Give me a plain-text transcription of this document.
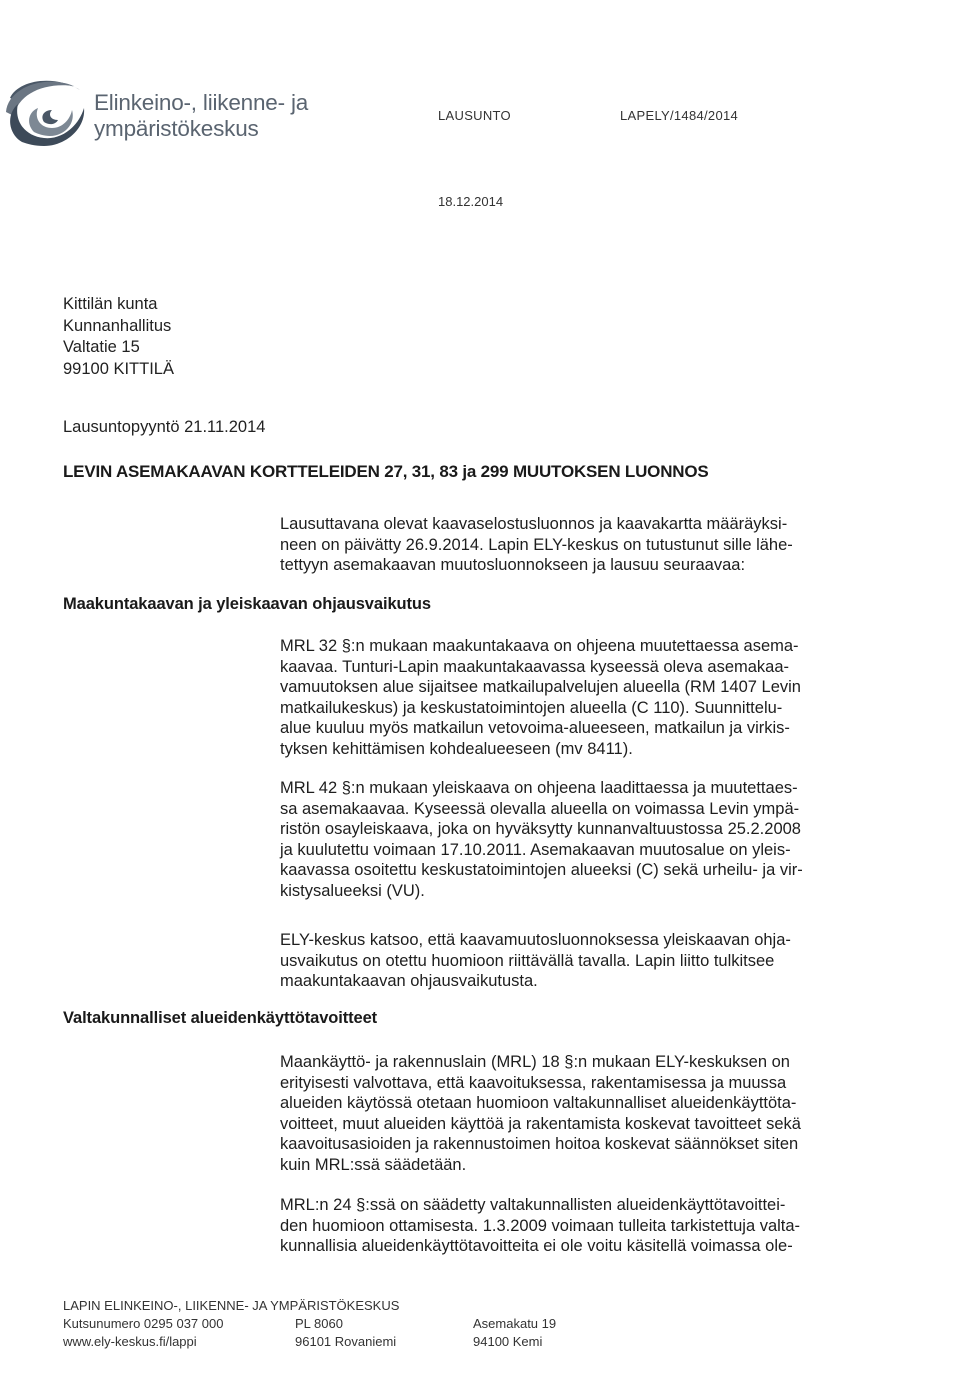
Elinkeino-, liikenne- ja
ympäristökeskus
LAUSUNTO	LAPELY/1484/2014
18.12.2014
Kittilän kunta
Kunnanhallitus
Valtatie 15
99100 KITTILÄ
Lausuntopyyntö 21.11.2014
LEVIN ASEMAKAAVAN KORTTELEIDEN 27, 31, 83 ja 299 MUUTOKSEN LUONNOS
Lausuttavana olevat kaavaselostusluonnos ja kaavakartta määräyksi-
neen on päivätty 26.9.2014. Lapin ELY-keskus on tutustunut sille lähe-
tettyyn asemakaavan muutosluonnokseen ja lausuu seuraavaa:
Maakuntakaavan ja yleiskaavan ohjausvaikutus
MRL 32 §:n mukaan maakuntakaava on ohjeena muutettaessa asema-
kaavaa. Tunturi-Lapin maakuntakaavassa kyseessä oleva asemakaa-
vamuutoksen alue sijaitsee matkailupalvelujen alueella (RM 1407 Levin
matkailukeskus) ja keskustatoimintojen alueella (C 110). Suunnittelu-
alue kuuluu myös matkailun vetovoima-alueeseen, matkailun ja virkis-
tyksen kehittämisen kohdealueeseen (mv 8411).
MRL 42 §:n mukaan yleiskaava on ohjeena laadittaessa ja muutettaes-
sa asemakaavaa. Kyseessä olevalla alueella on voimassa Levin ympä-
ristön osayleiskaava, joka on hyväksytty kunnanvaltuustossa 25.2.2008
ja kuulutettu voimaan 17.10.2011. Asemakaavan muutosalue on yleis-
kaavassa osoitettu keskustatoimintojen alueeksi (C) sekä urheilu- ja vir-
kistysalueeksi (VU).
ELY-keskus katsoo, että kaavamuutosluonnoksessa yleiskaavan ohja-
usvaikutus on otettu huomioon riittävällä tavalla. Lapin liitto tulkitsee
maakuntakaavan ohjausvaikutusta.
Valtakunnalliset alueidenkäyttötavoitteet
Maankäyttö- ja rakennuslain (MRL) 18 §:n mukaan ELY-keskuksen on
erityisesti valvottava, että kaavoituksessa, rakentamisessa ja muussa
alueiden käytössä otetaan huomioon valtakunnalliset alueidenkäyttöta-
voitteet, muut alueiden käyttöä ja rakentamista koskevat tavoitteet sekä
kaavoitusasioiden ja rakennustoimen hoitoa koskevat säännökset siten
kuin MRL:ssä säädetään.
MRL:n 24 §:ssä on säädetty valtakunnallisten alueidenkäyttötavoittei-
den huomioon ottamisesta. 1.3.2009 voimaan tulleita tarkistettuja valta-
kunnallisia alueidenkäyttötavoitteita ei ole voitu käsitellä voimassa ole-
LAPIN ELINKEINO-, LIIKENNE- JA YMPÄRISTÖKESKUS
Kutsunumero 0295 037 000	PL 8060	Asemakatu 19
www.ely-keskus.fi/lappi	96101 Rovaniemi	94100 Kemi
